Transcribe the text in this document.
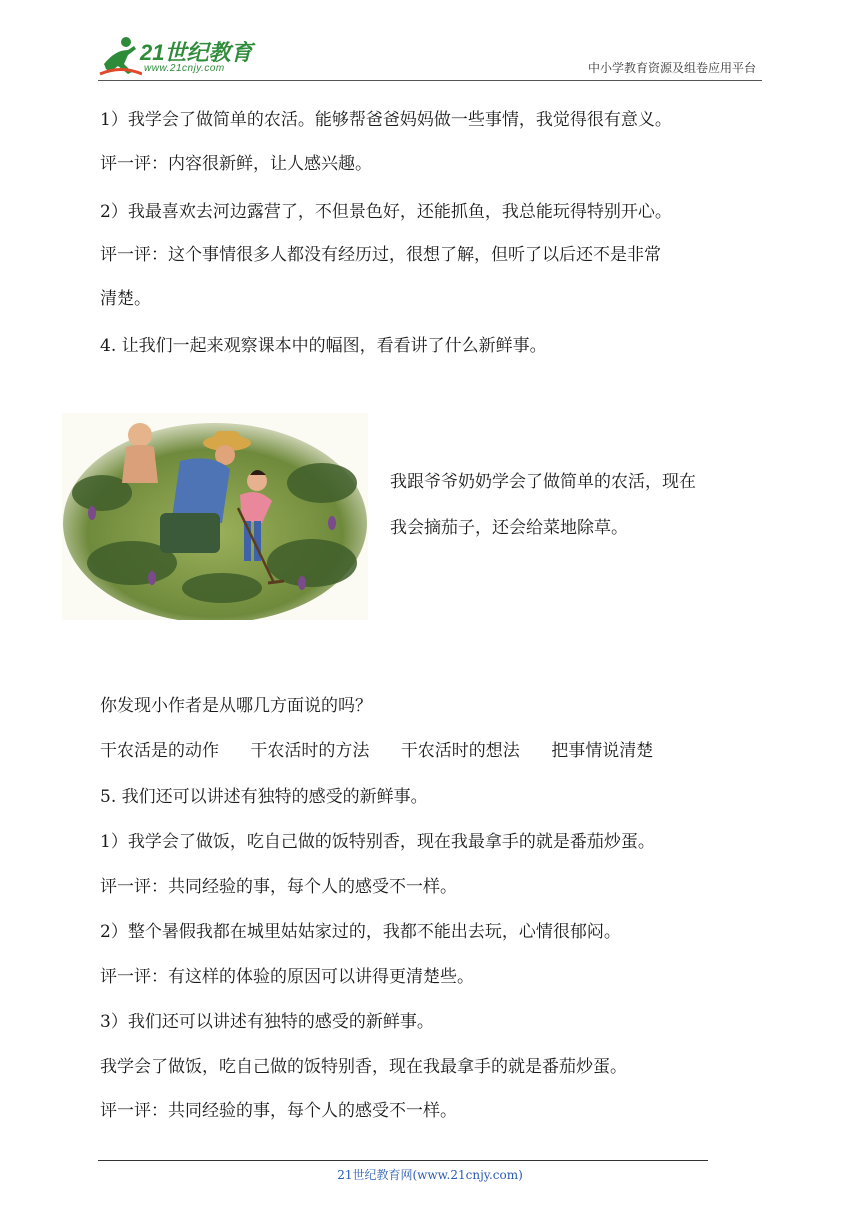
21世纪教育
www.21cnjy.com	中小学教育资源及组卷应用平台
1）我学会了做简单的农活。能够帮爸爸妈妈做一些事情，我觉得很有意义。
评一评：内容很新鲜，让人感兴趣。
2）我最喜欢去河边露营了，不但景色好，还能抓鱼，我总能玩得特别开心。
评一评：这个事情很多人都没有经历过，很想了解，但听了以后还不是非常
清楚。
4. 让我们一起来观察课本中的幅图，看看讲了什么新鲜事。
我跟爷爷奶奶学会了做简单的农活，现在
我会摘茄子，还会给菜地除草。
你发现小作者是从哪几方面说的吗？
干农活是的动作 干农活时的方法 干农活时的想法 把事情说清楚
5. 我们还可以讲述有独特的感受的新鲜事。
1）我学会了做饭，吃自己做的饭特别香，现在我最拿手的就是番茄炒蛋。
评一评：共同经验的事，每个人的感受不一样。
2）整个暑假我都在城里姑姑家过的，我都不能出去玩，心情很郁闷。
评一评：有这样的体验的原因可以讲得更清楚些。
3）我们还可以讲述有独特的感受的新鲜事。
我学会了做饭，吃自己做的饭特别香，现在我最拿手的就是番茄炒蛋。
评一评：共同经验的事，每个人的感受不一样。
21世纪教育网(www.21cnjy.com)
